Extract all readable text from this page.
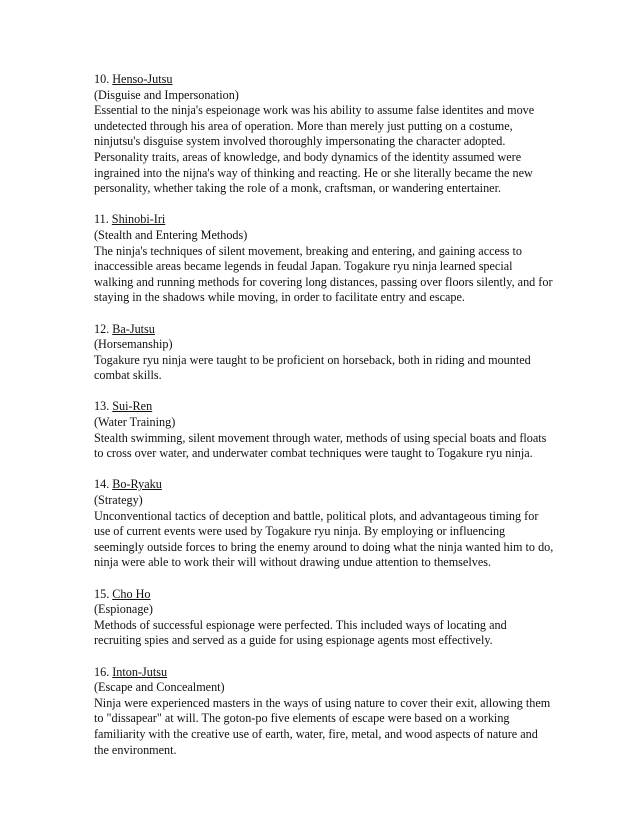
10. Henso-Jutsu
(Disguise and Impersonation)
Essential to the ninja's espeionage work was his ability to assume false identites and move undetected through his area of operation. More than merely just putting on a costume, ninjutsu's disguise system involved thoroughly impersonating the character adopted. Personality traits, areas of knowledge, and body dynamics of the identity assumed were ingrained into the nijna's way of thinking and reacting. He or she literally became the new personality, whether taking the role of a monk, craftsman, or wandering entertainer.
11. Shinobi-Iri
(Stealth and Entering Methods)
The ninja's techniques of silent movement, breaking and entering, and gaining access to inaccessible areas became legends in feudal Japan. Togakure ryu ninja learned special walking and running methods for covering long distances, passing over floors silently, and for staying in the shadows while moving, in order to facilitate entry and escape.
12. Ba-Jutsu
(Horsemanship)
Togakure ryu ninja were taught to be proficient on horseback, both in riding and mounted combat skills.
13. Sui-Ren
(Water Training)
Stealth swimming, silent movement through water, methods of using special boats and floats to cross over water, and underwater combat techniques were taught to Togakure ryu ninja.
14. Bo-Ryaku
(Strategy)
Unconventional tactics of deception and battle, political plots, and advantageous timing for use of current events were used by Togakure ryu ninja. By employing or influencing seemingly outside forces to bring the enemy around to doing what the ninja wanted him to do, ninja were able to work their will without drawing undue attention to themselves.
15. Cho Ho
(Espionage)
Methods of successful espionage were perfected. This included ways of locating and recruiting spies and served as a guide for using espionage agents most effectively.
16. Inton-Jutsu
(Escape and Concealment)
Ninja were experienced masters in the ways of using nature to cover their exit, allowing them to "dissapear" at will. The goton-po five elements of escape were based on a working familiarity with the creative use of earth, water, fire, metal, and wood aspects of nature and the environment.
